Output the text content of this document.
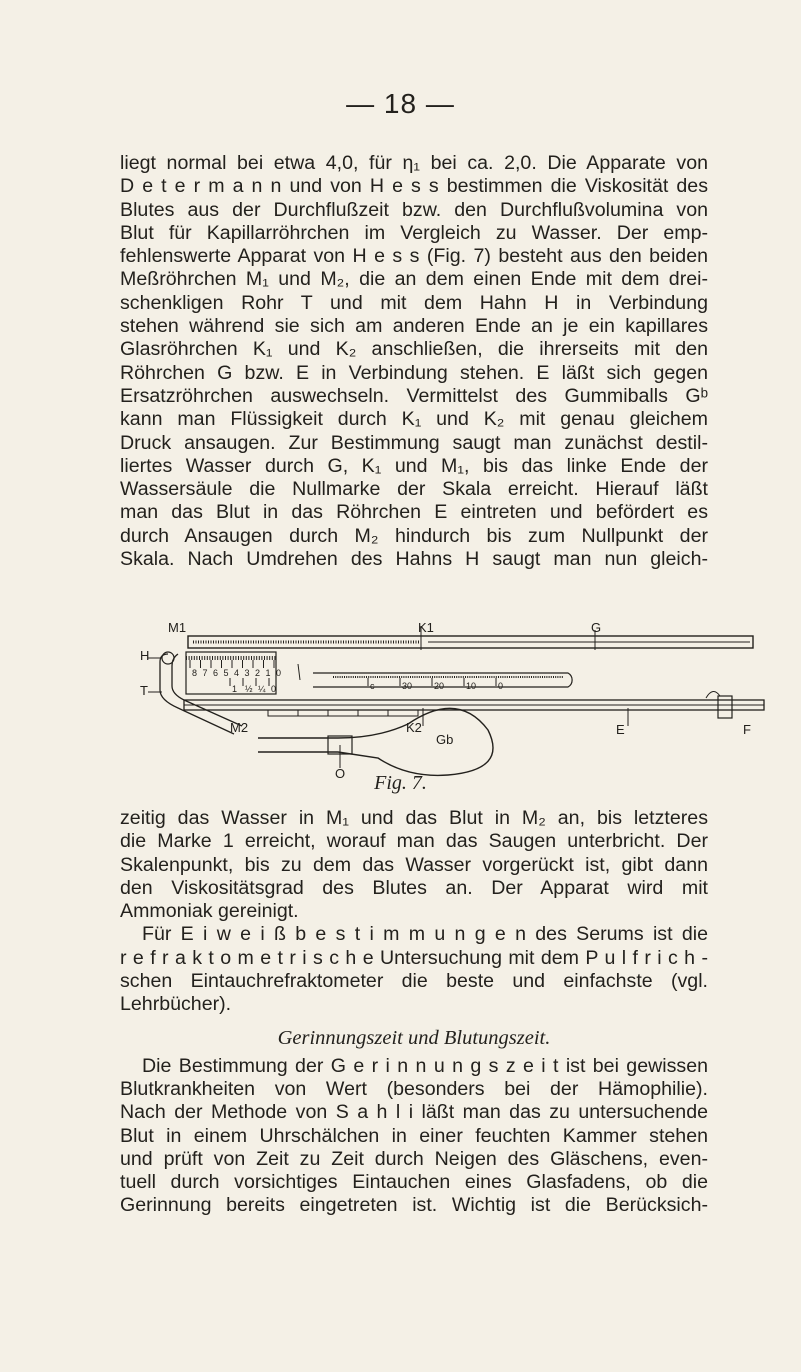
— 18 —
liegt normal bei etwa 4,0, für η₁ bei ca. 2,0. Die Apparate von
D e t e r m a n n und von H e s s bestimmen die Viskosität des
Blutes aus der Durchflußzeit bzw. den Durchflußvolumina von
Blut für Kapillarröhrchen im Vergleich zu Wasser. Der emp-
fehlenswerte Apparat von H e s s (Fig. 7) besteht aus den beiden
Meßröhrchen M₁ und M₂, die an dem einen Ende mit dem drei-
schenkligen Rohr T und mit dem Hahn H in Verbindung
stehen während sie sich am anderen Ende an je ein kapillares
Glasröhrchen K₁ und K₂ anschließen, die ihrerseits mit den
Röhrchen G bzw. E in Verbindung stehen. E läßt sich gegen
Ersatzröhrchen auswechseln. Vermittelst des Gummiballs Gᵇ
kann man Flüssigkeit durch K₁ und K₂ mit genau gleichem
Druck ansaugen. Zur Bestimmung saugt man zunächst destil-
liertes Wasser durch G, K₁ und M₁, bis das linke Ende der
Wassersäule die Nullmarke der Skala erreicht. Hierauf läßt
man das Blut in das Röhrchen E eintreten und befördert es
durch Ansaugen durch M₂ hindurch bis zum Nullpunkt der
Skala. Nach Umdrehen des Hahns H saugt man nun gleich-
M1	K1	G
H
T
8 7 6 5 4 3 2 1 0
1 ½ ¼ 0	c	30 20 10 0
M2	K2	E	F
Gb
O	Fig. 7.
zeitig das Wasser in M₁ und das Blut in M₂ an, bis letzteres
die Marke 1 erreicht, worauf man das Saugen unterbricht. Der
Skalenpunkt, bis zu dem das Wasser vorgerückt ist, gibt dann
den Viskositätsgrad des Blutes an. Der Apparat wird mit
Ammoniak gereinigt.
Für E i w e i ß b e s t i m m u n g e n des Serums ist die
r e f r a k t o m e t r i s c h e Untersuchung mit dem P u l f r i c h -
schen Eintauchrefraktometer die beste und einfachste (vgl.
Lehrbücher).
Gerinnungszeit und Blutungszeit.
Die Bestimmung der G e r i n n u n g s z e i t ist bei gewissen
Blutkrankheiten von Wert (besonders bei der Hämophilie).
Nach der Methode von S a h l i läßt man das zu untersuchende
Blut in einem Uhrschälchen in einer feuchten Kammer stehen
und prüft von Zeit zu Zeit durch Neigen des Gläschens, even-
tuell durch vorsichtiges Eintauchen eines Glasfadens, ob die
Gerinnung bereits eingetreten ist. Wichtig ist die Berücksich-
